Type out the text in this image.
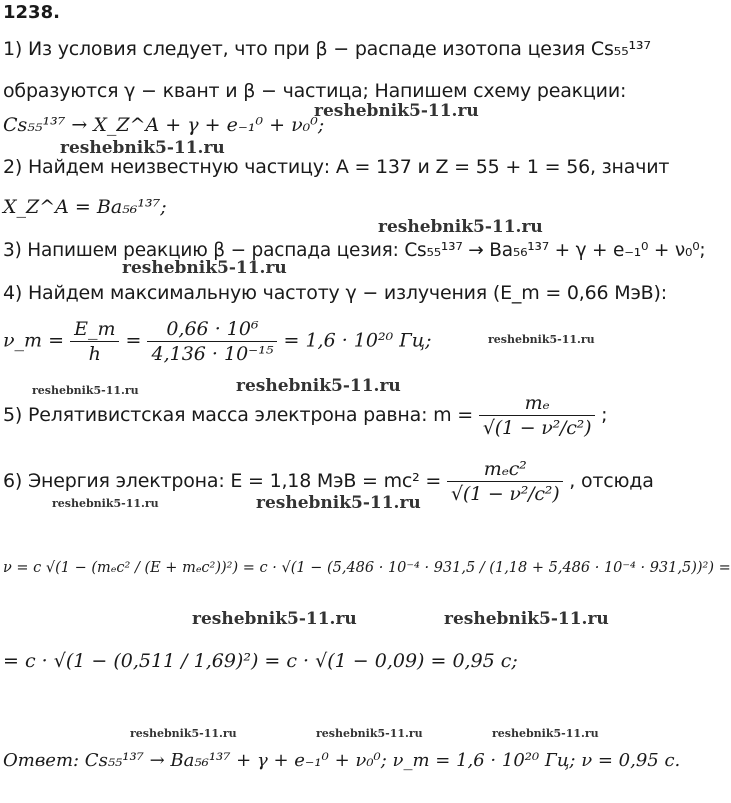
1238.
1) Из условия следует, что при β − распаде изотопа цезия Cs₅₅¹³⁷
образуются γ − квант и β − частица; Напишем схему реакции:
Cs₅₅¹³⁷ → X_Z^A + γ + e₋₁⁰ + ν₀⁰;
2) Найдем неизвестную частицу: A = 137 и Z = 55 + 1 = 56, значит
X_Z^A = Ba₅₆¹³⁷;
3) Напишем реакцию β − распада цезия: Cs₅₅¹³⁷ → Ba₅₆¹³⁷ + γ + e₋₁⁰ + ν₀⁰;
4) Найдем максимальную частоту γ − излучения (E_m = 0,66 МэВ):
ν_m = $\frac{E\_m}{h} = \frac{\text{0,66 · 10⁶}}{\text{4,136 · 10⁻¹⁵}} = 1,6 \cdot 10^{20}$ Гц;
5) Релятивистская масса электрона равна: $m = \frac{\text{mₑ}}{\text{√(1 − ν²/c²)}}$ ;
6) Энергия электрона: E = 1,18 МэВ = $mc^2 = \frac{\text{mₑc²}}{\text{√(1 − ν²/c²)}}$ , отсюда
ν = c √(1 − (mₑc² / (E + mₑc²))²) = c · √(1 − (5,486 · 10⁻⁴ · 931,5 / (1,18 + 5,486 · 10⁻⁴ · 931,5))²) =
= c · √(1 − (0,511 / 1,69)²) = c · √(1 − 0,09) = 0,95 c;
Ответ: Cs₅₅¹³⁷ → Ba₅₆¹³⁷ + γ + e₋₁⁰ + ν₀⁰; ν_m = 1,6 · 10²⁰ Гц; ν = 0,95 c.
reshebnik5-11.ru
reshebnik5-11.ru
reshebnik5-11.ru
reshebnik5-11.ru
reshebnik5-11.ru
reshebnik5-11.ru
reshebnik5-11.ru
reshebnik5-11.ru	reshebnik5-11.ru
reshebnik5-11.ru	reshebnik5-11.ru
reshebnik5-11.ru	reshebnik5-11.ru	reshebnik5-11.ru
